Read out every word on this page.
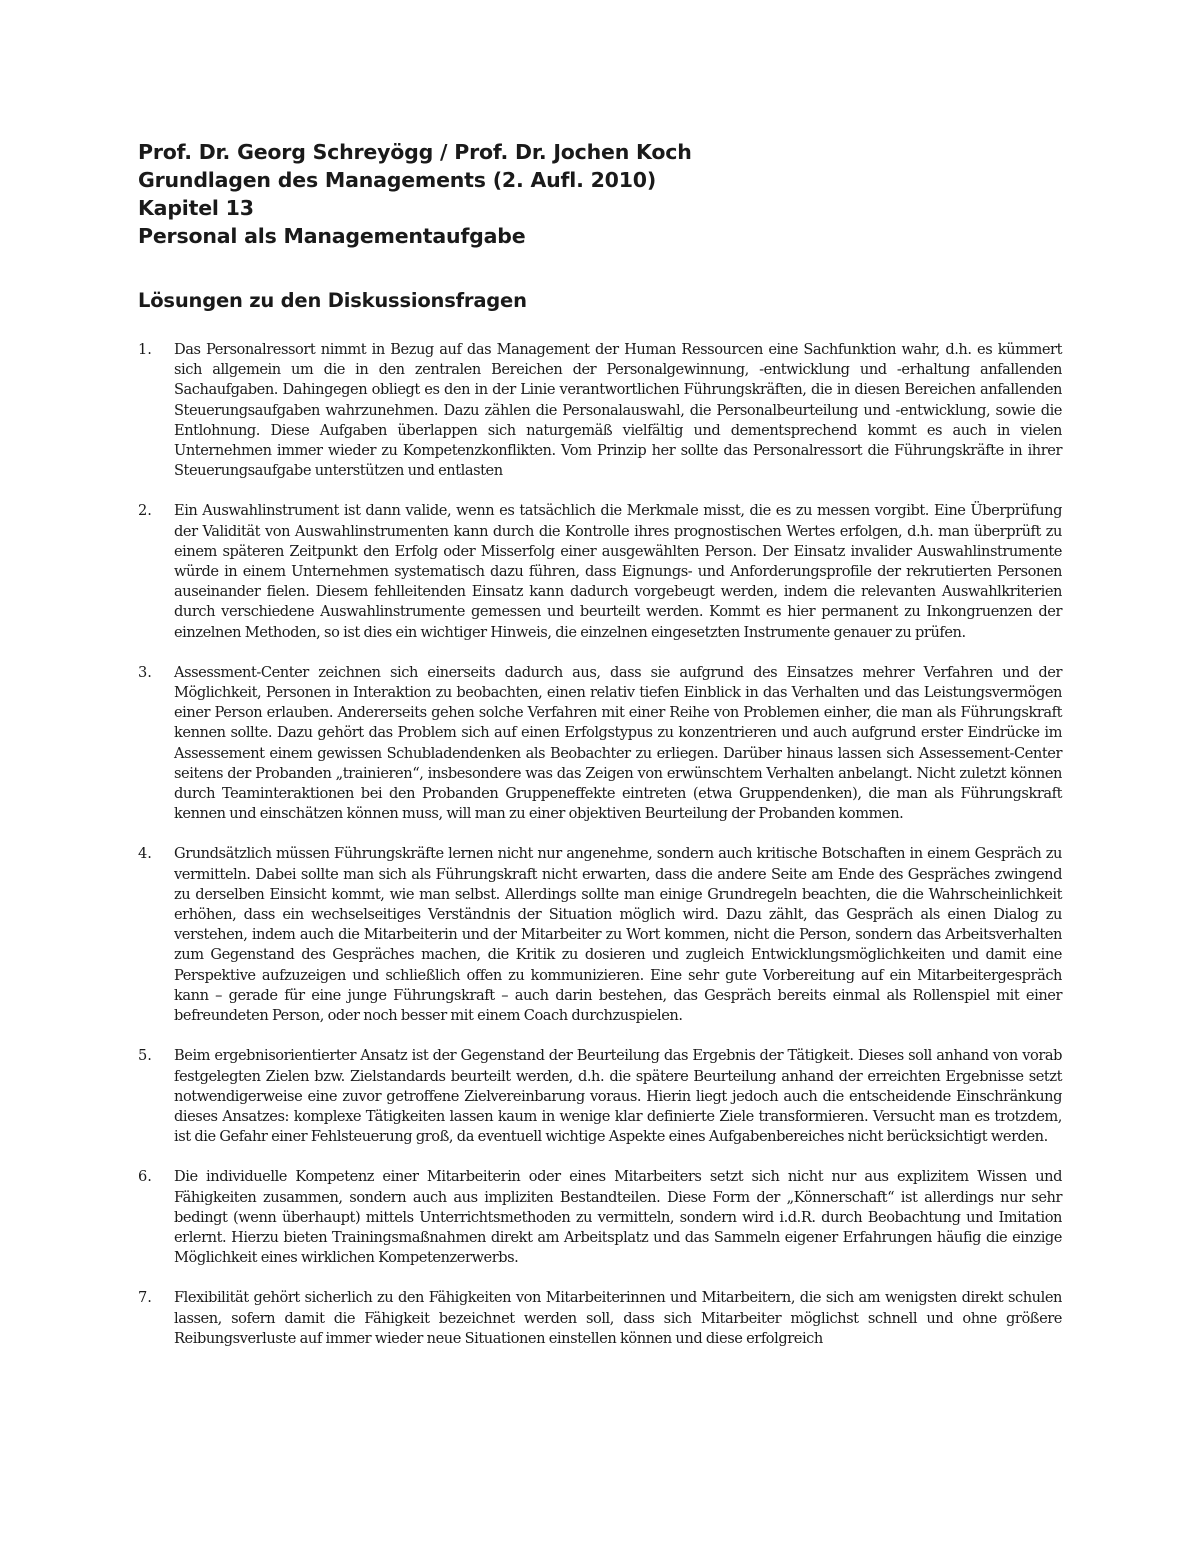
Prof. Dr. Georg Schreyögg / Prof. Dr. Jochen Koch

Grundlagen des Managements (2. Aufl. 2010)

Kapitel 13

Personal als Managementaufgabe

Lösungen zu den Diskussionsfragen
1.	Das Personalressort nimmt in Bezug auf das Management der Human Ressourcen eine Sachfunktion wahr, d.h. es kümmert sich allgemein um die in den zentralen Bereichen der Personalgewinnung, -entwicklung und -erhaltung anfallenden Sachaufgaben. Dahingegen obliegt es den in der Linie verantwortlichen Führungskräften, die in diesen Bereichen anfallenden Steuerungsaufgaben wahrzunehmen. Dazu zählen die Personalauswahl, die Personalbeurteilung und -entwicklung, sowie die Entlohnung. Diese Aufgaben überlappen sich naturgemäß vielfältig und dementsprechend kommt es auch in vielen Unternehmen immer wieder zu Kompetenzkonflikten. Vom Prinzip her sollte das Personalressort die Führungskräfte in ihrer Steuerungsaufgabe unterstützen und entlasten
2.	Ein Auswahlinstrument ist dann valide, wenn es tatsächlich die Merkmale misst, die es zu messen vorgibt. Eine Überprüfung der Validität von Auswahlinstrumenten kann durch die Kontrolle ihres prognostischen Wertes erfolgen, d.h. man überprüft zu einem späteren Zeitpunkt den Erfolg oder Misserfolg einer ausgewählten Person. Der Einsatz invalider Auswahlinstrumente würde in einem Unternehmen systematisch dazu führen, dass Eignungs- und Anforderungsprofile der rekrutierten Personen auseinander fielen. Diesem fehlleitenden Einsatz kann dadurch vorgebeugt werden, indem die relevanten Auswahlkriterien durch verschiedene Auswahlinstrumente gemessen und beurteilt werden. Kommt es hier permanent zu Inkongruenzen der einzelnen Methoden, so ist dies ein wichtiger Hinweis, die einzelnen eingesetzten Instrumente genauer zu prüfen.
3.	Assessment-Center zeichnen sich einerseits dadurch aus, dass sie aufgrund des Einsatzes mehrer Verfahren und der Möglichkeit, Personen in Interaktion zu beobachten, einen relativ tiefen Einblick in das Verhalten und das Leistungsvermögen einer Person erlauben. Andererseits gehen solche Verfahren mit einer Reihe von Problemen einher, die man als Führungskraft kennen sollte. Dazu gehört das Problem sich auf einen Erfolgstypus zu konzentrieren und auch aufgrund erster Eindrücke im Assessement einem gewissen Schubladendenken als Beobachter zu erliegen. Darüber hinaus lassen sich Assessement-Center seitens der Probanden „trainieren“, insbesondere was das Zeigen von erwünschtem Verhalten anbelangt. Nicht zuletzt können durch Teaminteraktionen bei den Probanden Gruppeneffekte eintreten (etwa Gruppendenken), die man als Führungskraft kennen und einschätzen können muss, will man zu einer objektiven Beurteilung der Probanden kommen.
4.	Grundsätzlich müssen Führungskräfte lernen nicht nur angenehme, sondern auch kritische Botschaften in einem Gespräch zu vermitteln. Dabei sollte man sich als Führungskraft nicht erwarten, dass die andere Seite am Ende des Gespräches zwingend zu derselben Einsicht kommt, wie man selbst. Allerdings sollte man einige Grundregeln beachten, die die Wahrscheinlichkeit erhöhen, dass ein wechselseitiges Verständnis der Situation möglich wird. Dazu zählt, das Gespräch als einen Dialog zu verstehen, indem auch die Mitarbeiterin und der Mitarbeiter zu Wort kommen, nicht die Person, sondern das Arbeitsverhalten zum Gegenstand des Gespräches machen, die Kritik zu dosieren und zugleich Entwicklungsmöglichkeiten und damit eine Perspektive aufzuzeigen und schließlich offen zu kommunizieren. Eine sehr gute Vorbereitung auf ein Mitarbeitergespräch kann – gerade für eine junge Führungskraft – auch darin bestehen, das Gespräch bereits einmal als Rollenspiel mit einer befreundeten Person, oder noch besser mit einem Coach durchzuspielen.
5.	Beim ergebnisorientierter Ansatz ist der Gegenstand der Beurteilung das Ergebnis der Tätigkeit. Dieses soll anhand von vorab festgelegten Zielen bzw. Zielstandards beurteilt werden, d.h. die spätere Beurteilung anhand der erreichten Ergebnisse setzt notwendigerweise eine zuvor getroffene Zielvereinbarung voraus. Hierin liegt jedoch auch die entscheidende Einschränkung dieses Ansatzes: komplexe Tätigkeiten lassen kaum in wenige klar definierte Ziele transformieren. Versucht man es trotzdem, ist die Gefahr einer Fehlsteuerung groß, da eventuell wichtige Aspekte eines Aufgabenbereiches nicht berücksichtigt werden.
6.	Die individuelle Kompetenz einer Mitarbeiterin oder eines Mitarbeiters setzt sich nicht nur aus explizitem Wissen und Fähigkeiten zusammen, sondern auch aus impliziten Bestandteilen. Diese Form der „Könnerschaft“ ist allerdings nur sehr bedingt (wenn überhaupt) mittels Unterrichtsmethoden zu vermitteln, sondern wird i.d.R. durch Beobachtung und Imitation erlernt. Hierzu bieten Trainingsmaßnahmen direkt am Arbeitsplatz und das Sammeln eigener Erfahrungen häufig die einzige Möglichkeit eines wirklichen Kompetenzerwerbs.
7.	Flexibilität gehört sicherlich zu den Fähigkeiten von Mitarbeiterinnen und Mitarbeitern, die sich am wenigsten direkt schulen lassen, sofern damit die Fähigkeit bezeichnet werden soll, dass sich Mitarbeiter möglichst schnell und ohne größere Reibungsverluste auf immer wieder neue Situationen einstellen können und diese erfolgreich
